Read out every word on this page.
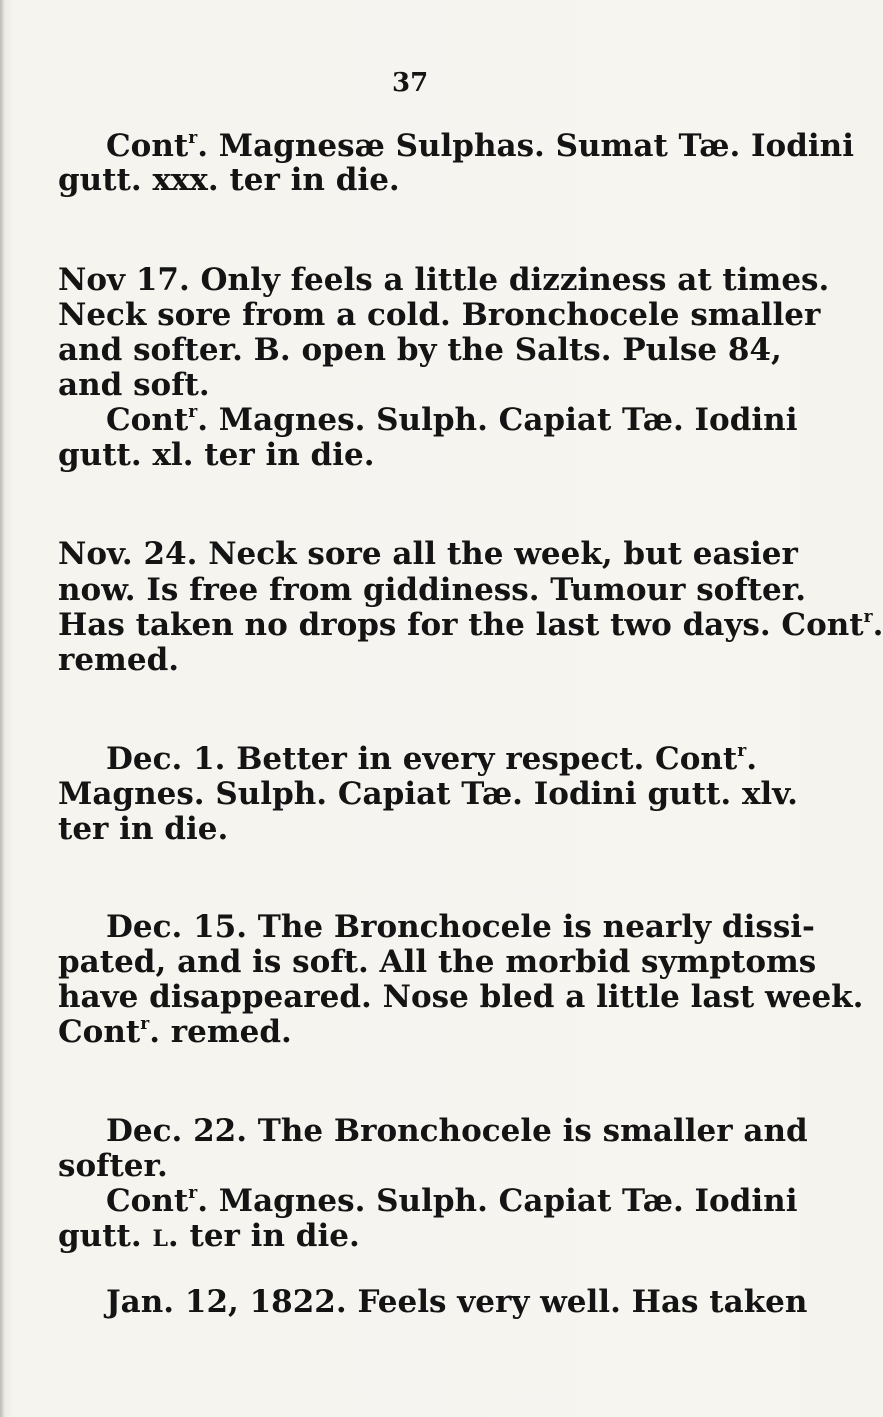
37
Cont$^r$. Magnesæ Sulphas. Sumat Tæ. Iodini
gutt. xxx. ter in die.
Nov 17. Only feels a little dizziness at times.
Neck sore from a cold. Bronchocele smaller
and softer. B. open by the Salts. Pulse 84,
and soft.
Cont$^r$. Magnes. Sulph. Capiat Tæ. Iodini
gutt. xl. ter in die.
Nov. 24. Neck sore all the week, but easier
now. Is free from giddiness. Tumour softer.
Has taken no drops for the last two days. Cont$^r$.
remed.
Dec. 1. Better in every respect. Cont$^r$.
Magnes. Sulph. Capiat Tæ. Iodini gutt. xlv.
ter in die.
Dec. 15. The Bronchocele is nearly dissi-
pated, and is soft. All the morbid symptoms
have disappeared. Nose bled a little last week.
Cont$^r$. remed.
Dec. 22. The Bronchocele is smaller and
softer.
Cont$^r$. Magnes. Sulph. Capiat Tæ. Iodini
gutt. L. ter in die.
Jan. 12, 1822. Feels very well. Has taken
